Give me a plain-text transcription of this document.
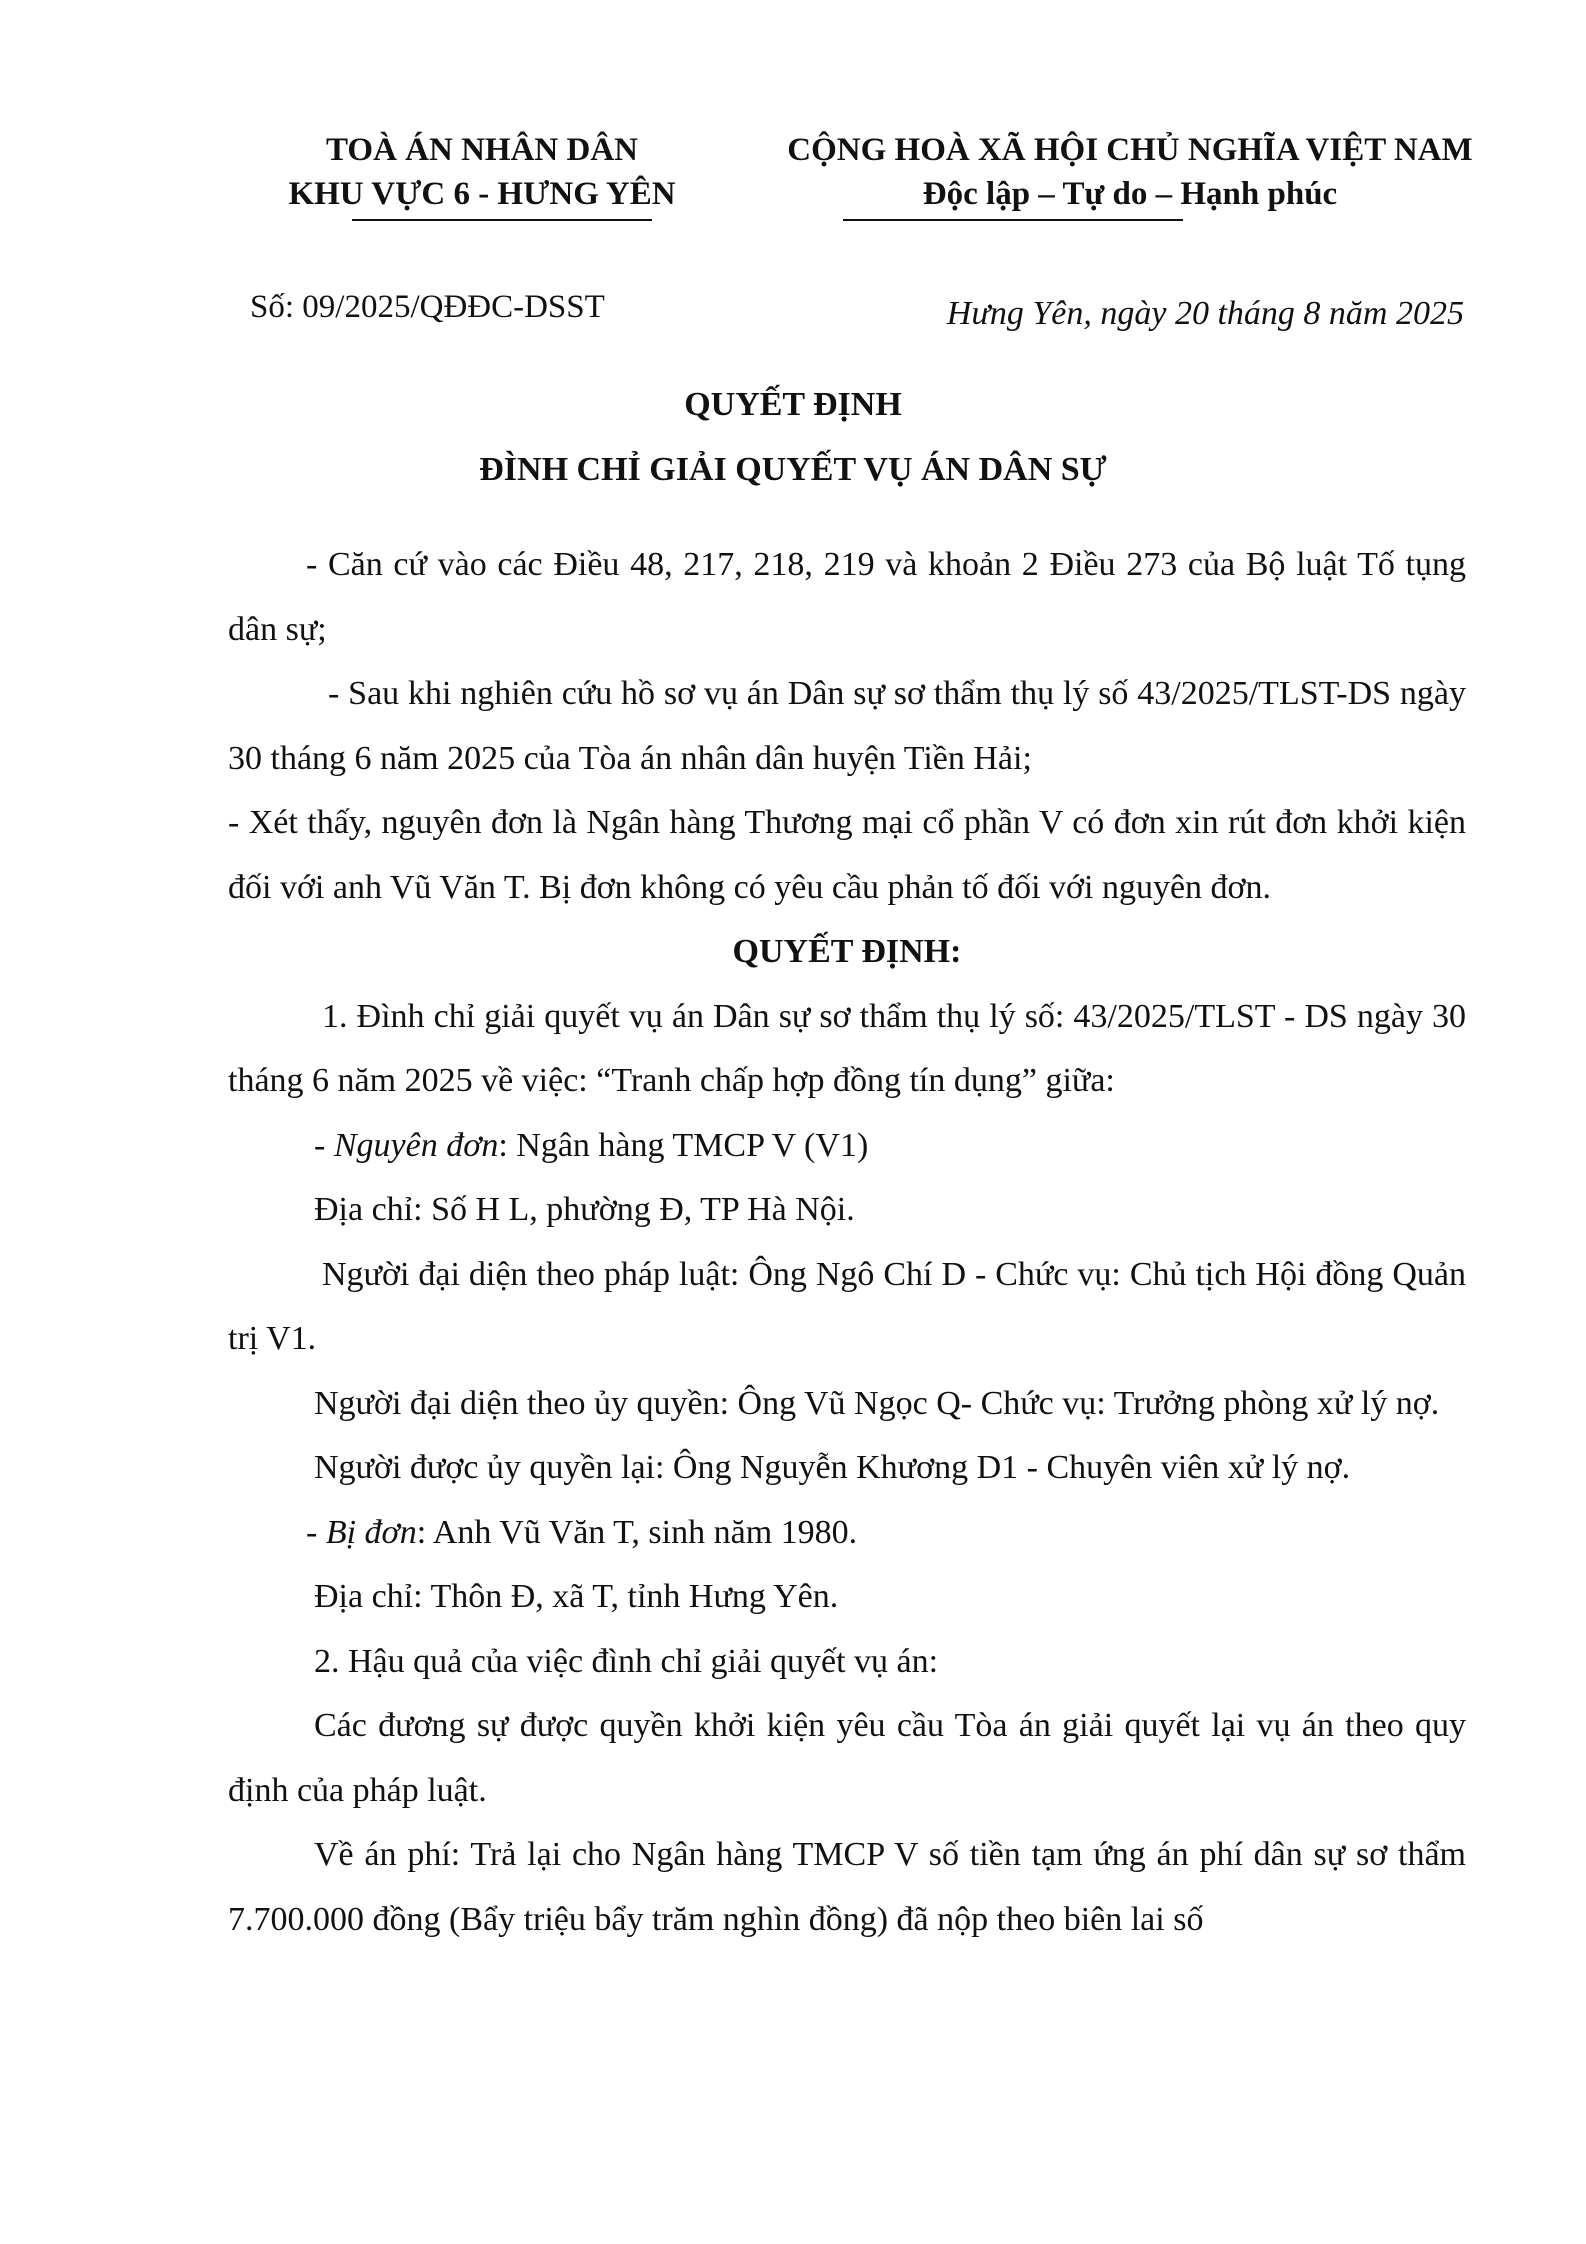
TOÀ ÁN NHÂN DÂN
KHU VỰC 6 - HƯNG YÊN
CỘNG HOÀ XÃ HỘI CHỦ NGHĨA VIỆT NAM
Độc lập – Tự do – Hạnh phúc
Số: 09/2025/QĐĐC-DSST	Hưng Yên, ngày 20 tháng 8 năm 2025
QUYẾT ĐỊNH
ĐÌNH CHỈ GIẢI QUYẾT VỤ ÁN DÂN SỰ

- Căn cứ vào các Điều 48, 217, 218, 219 và khoản 2 Điều 273 của Bộ luật Tố tụng dân sự;

- Sau khi nghiên cứu hồ sơ vụ án Dân sự sơ thẩm thụ lý số 43/2025/TLST-DS ngày 30 tháng 6 năm 2025 của Tòa án nhân dân huyện Tiền Hải;

- Xét thấy, nguyên đơn là Ngân hàng Thương mại cổ phần V có đơn xin rút đơn khởi kiện đối với anh Vũ Văn T. Bị đơn không có yêu cầu phản tố đối với nguyên đơn.

QUYẾT ĐỊNH:

1. Đình chỉ giải quyết vụ án Dân sự sơ thẩm thụ lý số: 43/2025/TLST - DS ngày 30 tháng 6 năm 2025 về việc: “Tranh chấp hợp đồng tín dụng” giữa:

- Nguyên đơn: Ngân hàng TMCP V (V1)

Địa chỉ: Số H L, phường Đ, TP Hà Nội.

Người đại diện theo pháp luật: Ông Ngô Chí D - Chức vụ: Chủ tịch Hội đồng Quản trị V1.

Người đại diện theo ủy quyền: Ông Vũ Ngọc Q- Chức vụ: Trưởng phòng xử lý nợ.

Người được ủy quyền lại: Ông Nguyễn Khương D1 - Chuyên viên xử lý nợ.

- Bị đơn: Anh Vũ Văn T, sinh năm 1980.

Địa chỉ: Thôn Đ, xã T, tỉnh Hưng Yên.

2. Hậu quả của việc đình chỉ giải quyết vụ án:

Các đương sự được quyền khởi kiện yêu cầu Tòa án giải quyết lại vụ án theo quy định của pháp luật.

Về án phí: Trả lại cho Ngân hàng TMCP V số tiền tạm ứng án phí dân sự sơ thẩm 7.700.000 đồng (Bẩy triệu bẩy trăm nghìn đồng) đã nộp theo biên lai số
